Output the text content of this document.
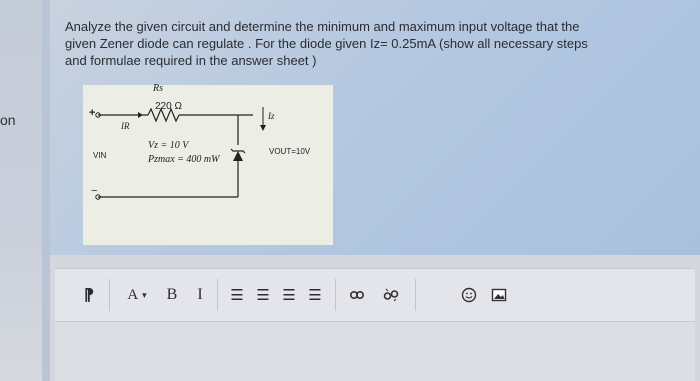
on
Analyze the given circuit and determine the minimum and maximum input voltage that the
given Zener diode can regulate . For the diode given Iz= 0.25mA (show all necessary steps
and formulae required in the answer sheet )
Rs
220 Ω
IR
Iz
+
−
VIN
Vz = 10 V
Pzmax = 400 mW
VOUT=10V
⁋	A ▾	B	I	☰ ☰ ☰ ☰
